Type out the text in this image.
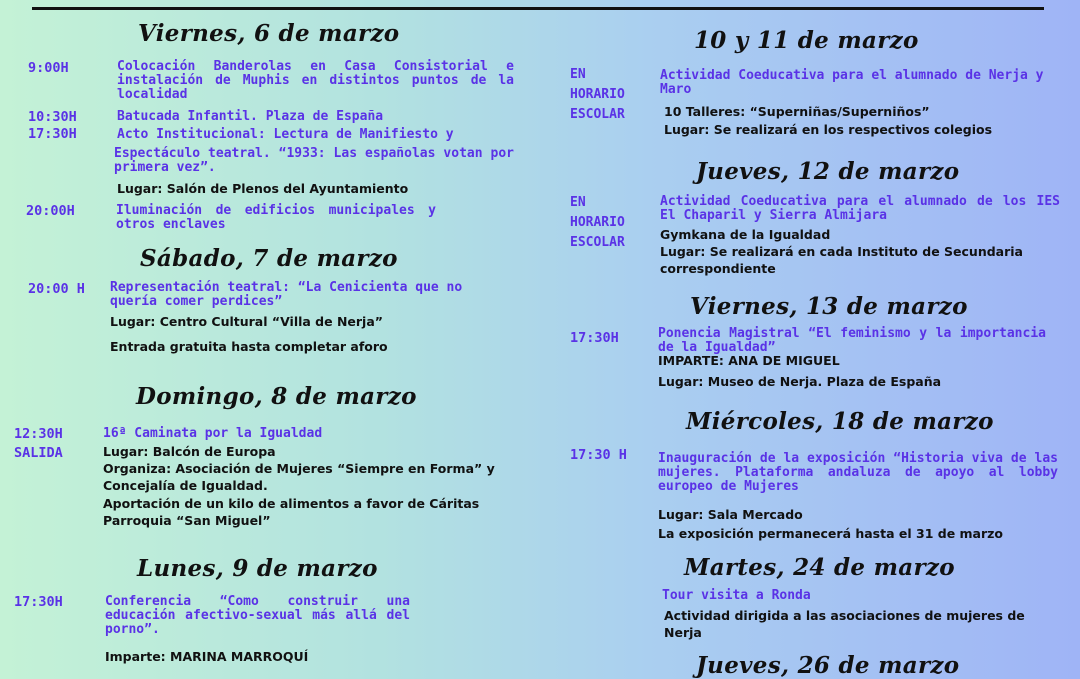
Viernes, 6 de marzo
9:00H	Colocación Banderolas en Casa Consistorial e instalación de Muphis en distintos puntos de la localidad
10:30H	Batucada Infantil. Plaza de España
17:30H	Acto Institucional: Lectura de Manifiesto y
Espectáculo teatral. “1933: Las españolas votan por primera vez”.
Lugar: Salón de Plenos del Ayuntamiento
20:00H	Iluminación de edificios municipales y otros enclaves
Sábado, 7 de marzo
20:00 H Representación teatral: “La Cenicienta que no quería comer perdices”
Lugar: Centro Cultural “Villa de Nerja”
Entrada gratuita hasta completar aforo
Domingo, 8 de marzo
12:30H
SALIDA
16ª Caminata por la Igualdad
Lugar: Balcón de Europa
Organiza: Asociación de Mujeres “Siempre en Forma” y Concejalía de Igualdad.
Aportación de un kilo de alimentos a favor de Cáritas Parroquia “San Miguel”
Lunes, 9 de marzo
17:30H	Conferencia “Como construir una educación afectivo-sexual más allá del porno”.
Imparte: MARINA MARROQUÍ
10 y 11 de marzo
EN
HORARIO
ESCOLAR
Actividad Coeducativa para el alumnado de Nerja y Maro
10 Talleres: “Superniñas/Superniños”
Lugar: Se realizará en los respectivos colegios
Jueves, 12 de marzo
EN
HORARIO
ESCOLAR
Actividad Coeducativa para el alumnado de los IES El Chaparil y Sierra Almijara
Gymkana de la Igualdad
Lugar: Se realizará en cada Instituto de Secundaria correspondiente
Viernes, 13 de marzo
17:30H	Ponencia Magistral “El feminismo y la importancia de la Igualdad”
IMPARTE: ANA DE MIGUEL
Lugar: Museo de Nerja. Plaza de España
Miércoles, 18 de marzo
17:30 H Inauguración de la exposición “Historia viva de las mujeres. Plataforma andaluza de apoyo al lobby europeo de Mujeres
Lugar: Sala Mercado
La exposición permanecerá hasta el 31 de marzo
Martes, 24 de marzo
Tour visita a Ronda
Actividad dirigida a las asociaciones de mujeres de Nerja
Jueves, 26 de marzo
